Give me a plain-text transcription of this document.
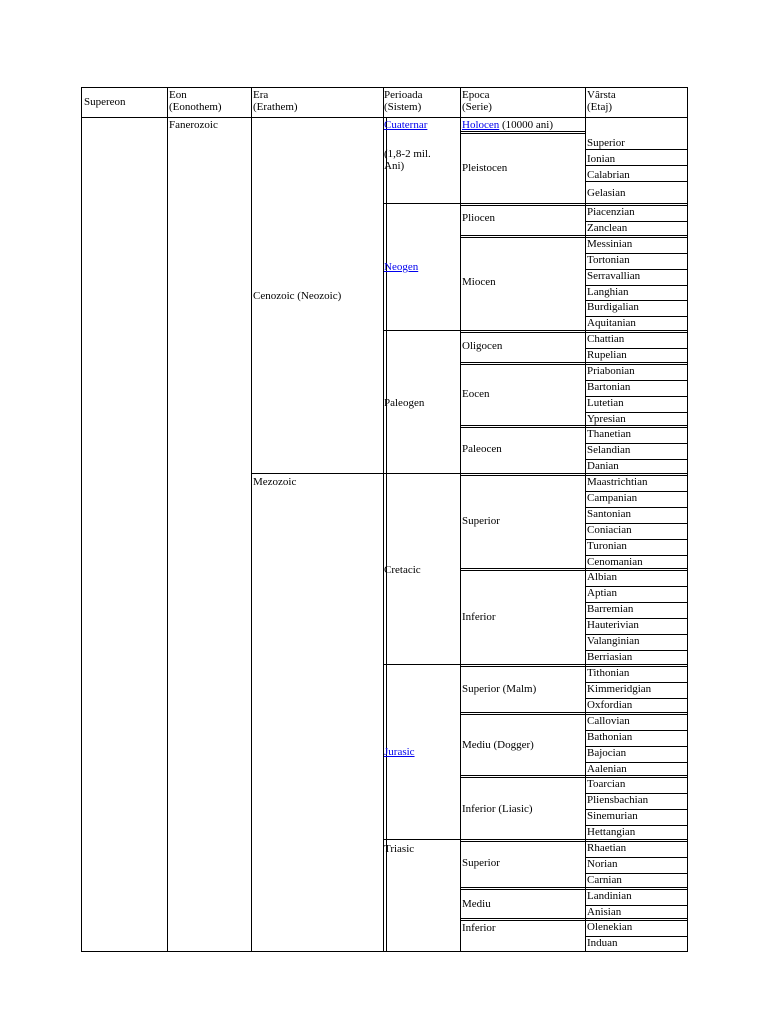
Supereon
Eon
(Eonothem)
Era
(Erathem)
Perioada
(Sistem)
Epoca
(Serie)
Vârsta
(Etaj)
Fanerozoic
Cenozoic (Neozoic)
Mezozoic
Cuaternar
(1,8-2 mil.
Ani)
Neogen
Paleogen
Cretacic
Jurasic
Triasic
Holocen (10000 ani)
Pleistocen
Pliocen
Miocen
Oligocen
Eocen
Paleocen
Superior
Inferior
Superior (Malm)
Mediu (Dogger)
Inferior (Liasic)
Superior
Mediu
Inferior
Superior
Ionian
Calabrian
Gelasian
Piacenzian
Zanclean
Messinian
Tortonian
Serravallian
Langhian
Burdigalian
Aquitanian
Chattian
Rupelian
Priabonian
Bartonian
Lutetian
Ypresian
Thanetian
Selandian
Danian
Maastrichtian
Campanian
Santonian
Coniacian
Turonian
Cenomanian
Albian
Aptian
Barremian
Hauterivian
Valanginian
Berriasian
Tithonian
Kimmeridgian
Oxfordian
Callovian
Bathonian
Bajocian
Aalenian
Toarcian
Pliensbachian
Sinemurian
Hettangian
Rhaetian
Norian
Carnian
Landinian
Anisian
Olenekian
Induan
